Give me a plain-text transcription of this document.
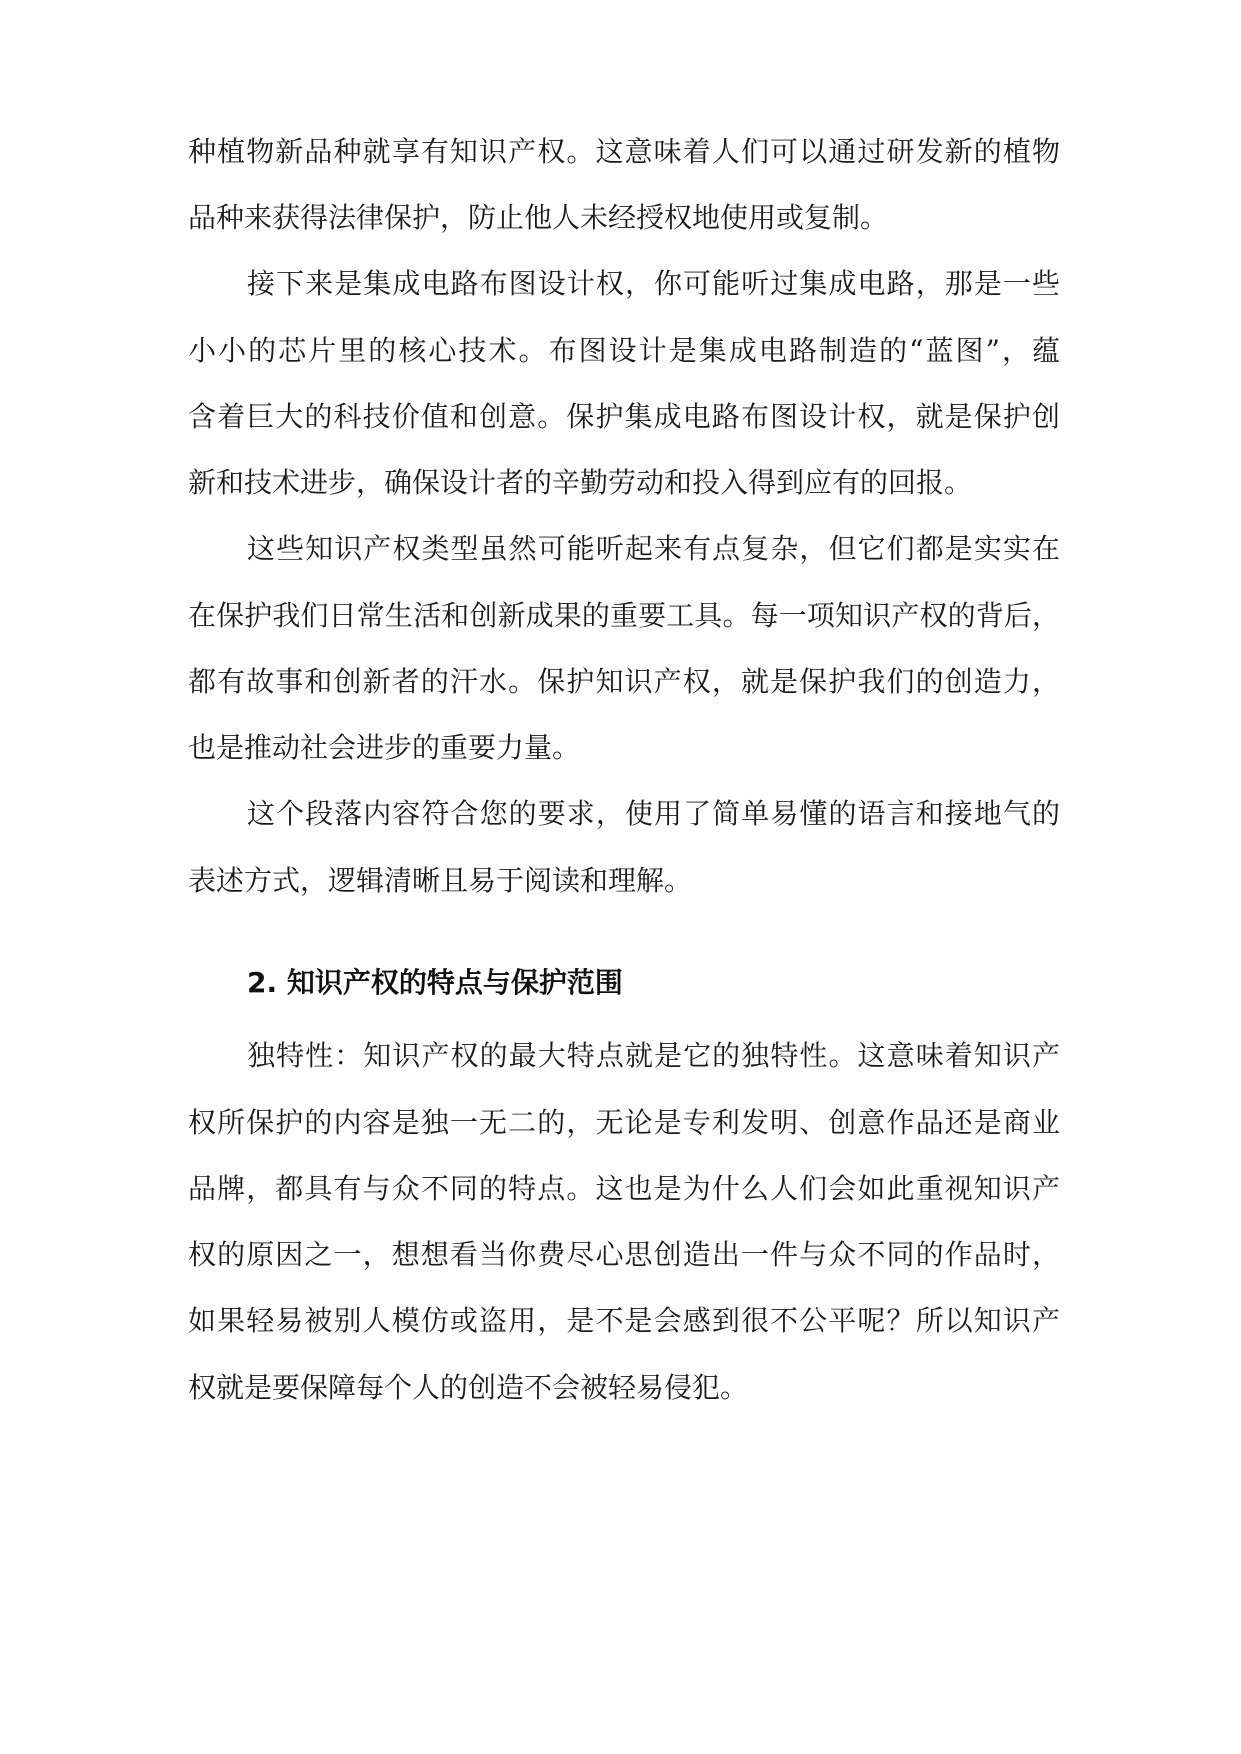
种植物新品种就享有知识产权。这意味着人们可以通过研发新的植物
品种来获得法律保护，防止他人未经授权地使用或复制。
接下来是集成电路布图设计权，你可能听过集成电路，那是一些
小小的芯片里的核心技术。布图设计是集成电路制造的“蓝图”，蕴
含着巨大的科技价值和创意。保护集成电路布图设计权，就是保护创
新和技术进步，确保设计者的辛勤劳动和投入得到应有的回报。
这些知识产权类型虽然可能听起来有点复杂，但它们都是实实在
在保护我们日常生活和创新成果的重要工具。每一项知识产权的背后，
都有故事和创新者的汗水。保护知识产权，就是保护我们的创造力，
也是推动社会进步的重要力量。
这个段落内容符合您的要求，使用了简单易懂的语言和接地气的
表述方式，逻辑清晰且易于阅读和理解。
2. 知识产权的特点与保护范围
独特性：知识产权的最大特点就是它的独特性。这意味着知识产
权所保护的内容是独一无二的，无论是专利发明、创意作品还是商业
品牌，都具有与众不同的特点。这也是为什么人们会如此重视知识产
权的原因之一，想想看当你费尽心思创造出一件与众不同的作品时，
如果轻易被别人模仿或盗用，是不是会感到很不公平呢？所以知识产
权就是要保障每个人的创造不会被轻易侵犯。
